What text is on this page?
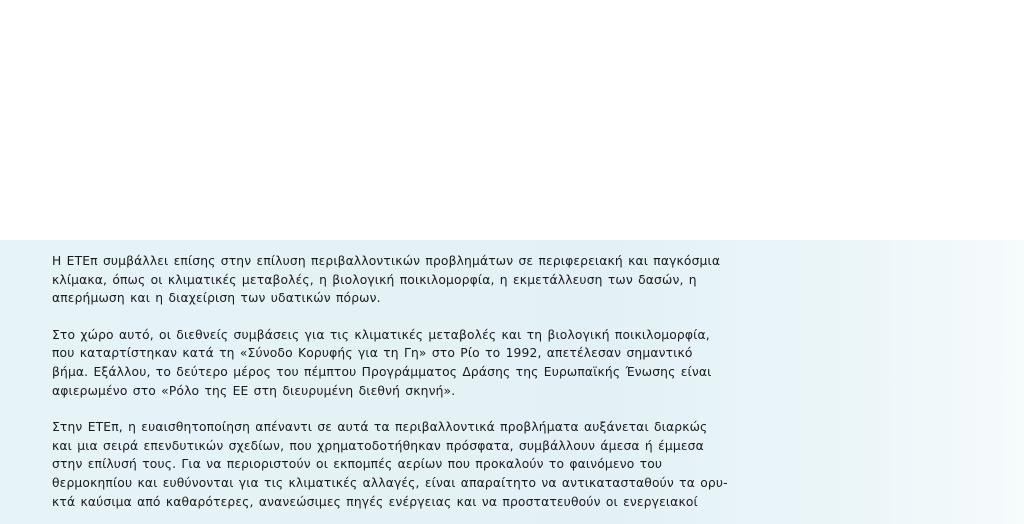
Η ΕΤΕπ συμβάλλει επίσης στην επίλυση περιβαλλοντικών προβλημάτων σε περιφερειακή και παγκόσμια
κλίμακα, όπως οι κλιματικές μεταβολές, η βιολογική ποικιλομορφία, η εκμετάλλευση των δασών, η
απερήμωση και η διαχείριση των υδατικών πόρων.
Στο χώρο αυτό, οι διεθνείς συμβάσεις για τις κλιματικές μεταβολές και τη βιολογική ποικιλομορφία,
που καταρτίστηκαν κατά τη «Σύνοδο Κορυφής για τη Γη» στο Ρίο το 1992, απετέλεσαν σημαντικό
βήμα. Εξάλλου, το δεύτερο μέρος του πέμπτου Προγράμματος Δράσης της Ευρωπαϊκής Ένωσης είναι
αφιερωμένο στο «Ρόλο της ΕΕ στη διευρυμένη διεθνή σκηνή».
Στην ΕΤΕπ, η ευαισθητοποίηση απέναντι σε αυτά τα περιβαλλοντικά προβλήματα αυξάνεται διαρκώς
και μια σειρά επενδυτικών σχεδίων, που χρηματοδοτήθηκαν πρόσφατα, συμβάλλουν άμεσα ή έμμεσα
στην επίλυσή τους. Για να περιοριστούν οι εκπομπές αερίων που προκαλούν το φαινόμενο του
θερμοκηπίου και ευθύνονται για τις κλιματικές αλλαγές, είναι απαραίτητο να αντικατασταθούν τα ορυ-
κτά καύσιμα από καθαρότερες, ανανεώσιμες πηγές ενέργειας και να προστατευθούν οι ενεργειακοί
